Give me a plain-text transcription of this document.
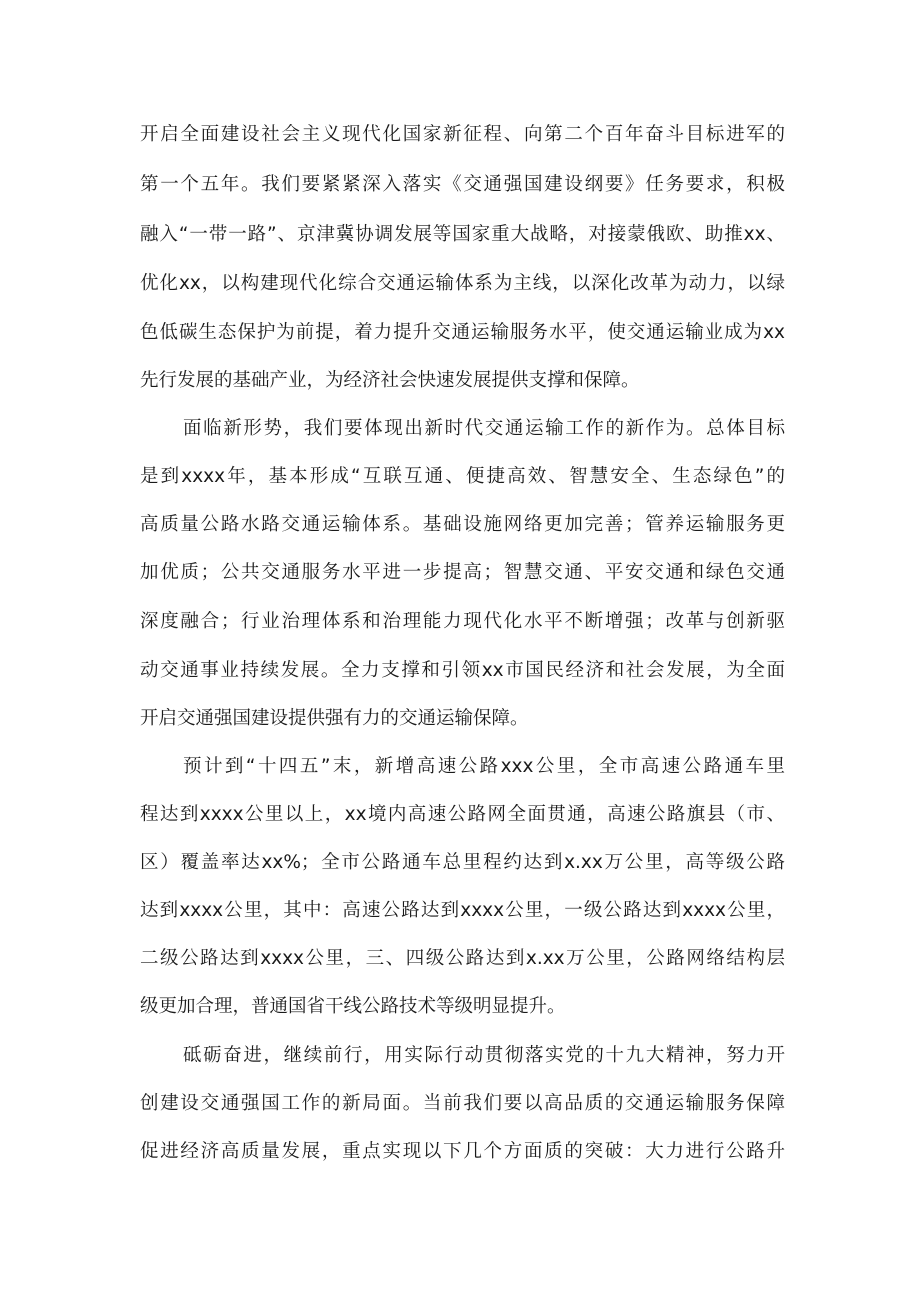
开启全面建设社会主义现代化国家新征程、向第二个百年奋斗目标进军的
第一个五年。我们要紧紧深入落实《交通强国建设纲要》任务要求，积极
融入“一带一路”、京津冀协调发展等国家重大战略，对接蒙俄欧、助推xx、
优化xx，以构建现代化综合交通运输体系为主线，以深化改革为动力，以绿
色低碳生态保护为前提，着力提升交通运输服务水平，使交通运输业成为xx
先行发展的基础产业，为经济社会快速发展提供支撑和保障。
面临新形势，我们要体现出新时代交通运输工作的新作为。总体目标
是到xxxx年，基本形成“互联互通、便捷高效、智慧安全、生态绿色”的
高质量公路水路交通运输体系。基础设施网络更加完善；管养运输服务更
加优质；公共交通服务水平进一步提高；智慧交通、平安交通和绿色交通
深度融合；行业治理体系和治理能力现代化水平不断增强；改革与创新驱
动交通事业持续发展。全力支撑和引领xx市国民经济和社会发展，为全面
开启交通强国建设提供强有力的交通运输保障。
预计到“十四五”末，新增高速公路xxx公里，全市高速公路通车里
程达到xxxx公里以上，xx境内高速公路网全面贯通，高速公路旗县（市、
区）覆盖率达xx%；全市公路通车总里程约达到x.xx万公里，高等级公路
达到xxxx公里，其中：高速公路达到xxxx公里，一级公路达到xxxx公里，
二级公路达到xxxx公里，三、四级公路达到x.xx万公里，公路网络结构层
级更加合理，普通国省干线公路技术等级明显提升。
砥砺奋进，继续前行，用实际行动贯彻落实党的十九大精神，努力开
创建设交通强国工作的新局面。当前我们要以高品质的交通运输服务保障
促进经济高质量发展，重点实现以下几个方面质的突破：大力进行公路升
